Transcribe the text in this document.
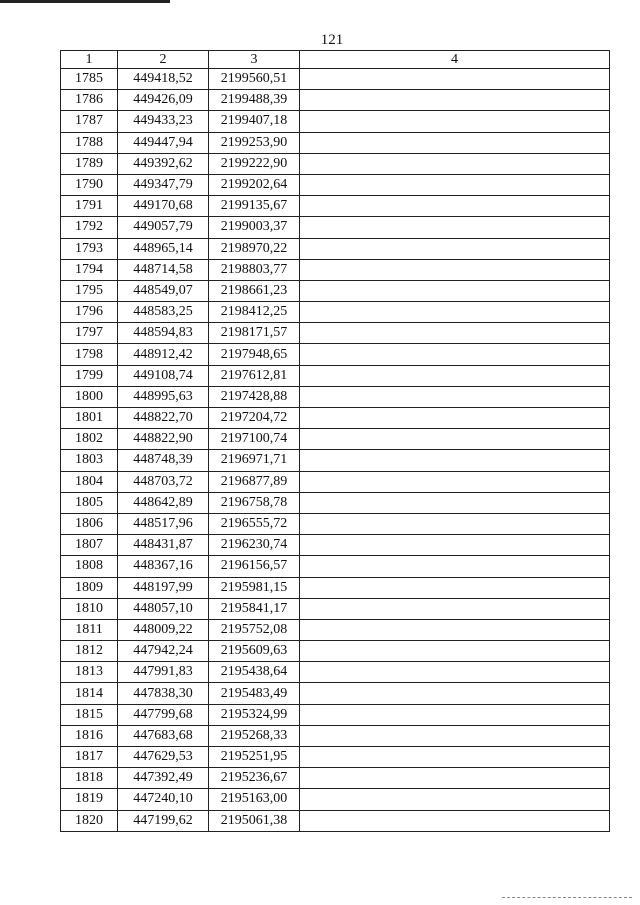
121
1	2	3	4
1785	449418,52	2199560,51	
1786	449426,09	2199488,39	
1787	449433,23	2199407,18	
1788	449447,94	2199253,90	
1789	449392,62	2199222,90	
1790	449347,79	2199202,64	
1791	449170,68	2199135,67	
1792	449057,79	2199003,37	
1793	448965,14	2198970,22	
1794	448714,58	2198803,77	
1795	448549,07	2198661,23	
1796	448583,25	2198412,25	
1797	448594,83	2198171,57	
1798	448912,42	2197948,65	
1799	449108,74	2197612,81	
1800	448995,63	2197428,88	
1801	448822,70	2197204,72	
1802	448822,90	2197100,74	
1803	448748,39	2196971,71	
1804	448703,72	2196877,89	
1805	448642,89	2196758,78	
1806	448517,96	2196555,72	
1807	448431,87	2196230,74	
1808	448367,16	2196156,57	
1809	448197,99	2195981,15	
1810	448057,10	2195841,17	
1811	448009,22	2195752,08	
1812	447942,24	2195609,63	
1813	447991,83	2195438,64	
1814	447838,30	2195483,49	
1815	447799,68	2195324,99	
1816	447683,68	2195268,33	
1817	447629,53	2195251,95	
1818	447392,49	2195236,67	
1819	447240,10	2195163,00	
1820	447199,62	2195061,38	
